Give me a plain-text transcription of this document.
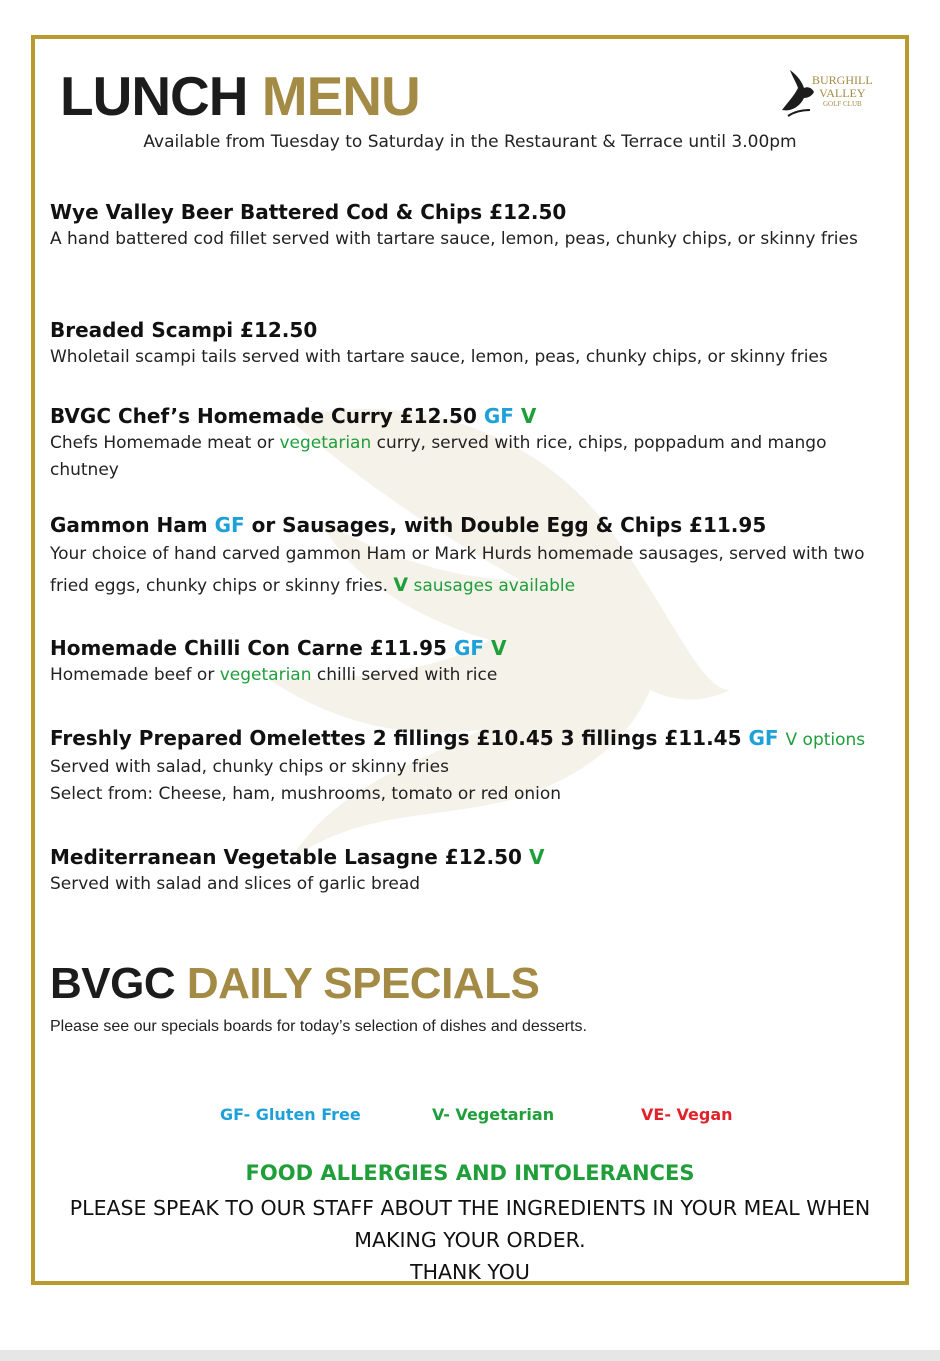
LUNCH MENU	BURGHILL
VALLEY
GOLF CLUB
Available from Tuesday to Saturday in the Restaurant & Terrace until 3.00pm
Wye Valley Beer Battered Cod & Chips £12.50
A hand battered cod fillet served with tartare sauce, lemon, peas, chunky chips, or skinny fries
Breaded Scampi £12.50
Wholetail scampi tails served with tartare sauce, lemon, peas, chunky chips, or skinny fries
BVGC Chef’s Homemade Curry £12.50 GF V
Chefs Homemade meat or vegetarian curry, served with rice, chips, poppadum and mango chutney
Gammon Ham GF or Sausages, with Double Egg & Chips £11.95
Your choice of hand carved gammon Ham or Mark Hurds homemade sausages, served with two fried eggs, chunky chips or skinny fries. V sausages available
Homemade Chilli Con Carne £11.95 GF V
Homemade beef or vegetarian chilli served with rice
Freshly Prepared Omelettes 2 fillings £10.45 3 fillings £11.45 GF V options
Served with salad, chunky chips or skinny fries
Select from: Cheese, ham, mushrooms, tomato or red onion
Mediterranean Vegetable Lasagne £12.50 V
Served with salad and slices of garlic bread
BVGC DAILY SPECIALS
Please see our specials boards for today’s selection of dishes and desserts.
GF- Gluten Free	V- Vegetarian	VE- Vegan
FOOD ALLERGIES AND INTOLERANCES
PLEASE SPEAK TO OUR STAFF ABOUT THE INGREDIENTS IN YOUR MEAL WHEN
MAKING YOUR ORDER.
THANK YOU
